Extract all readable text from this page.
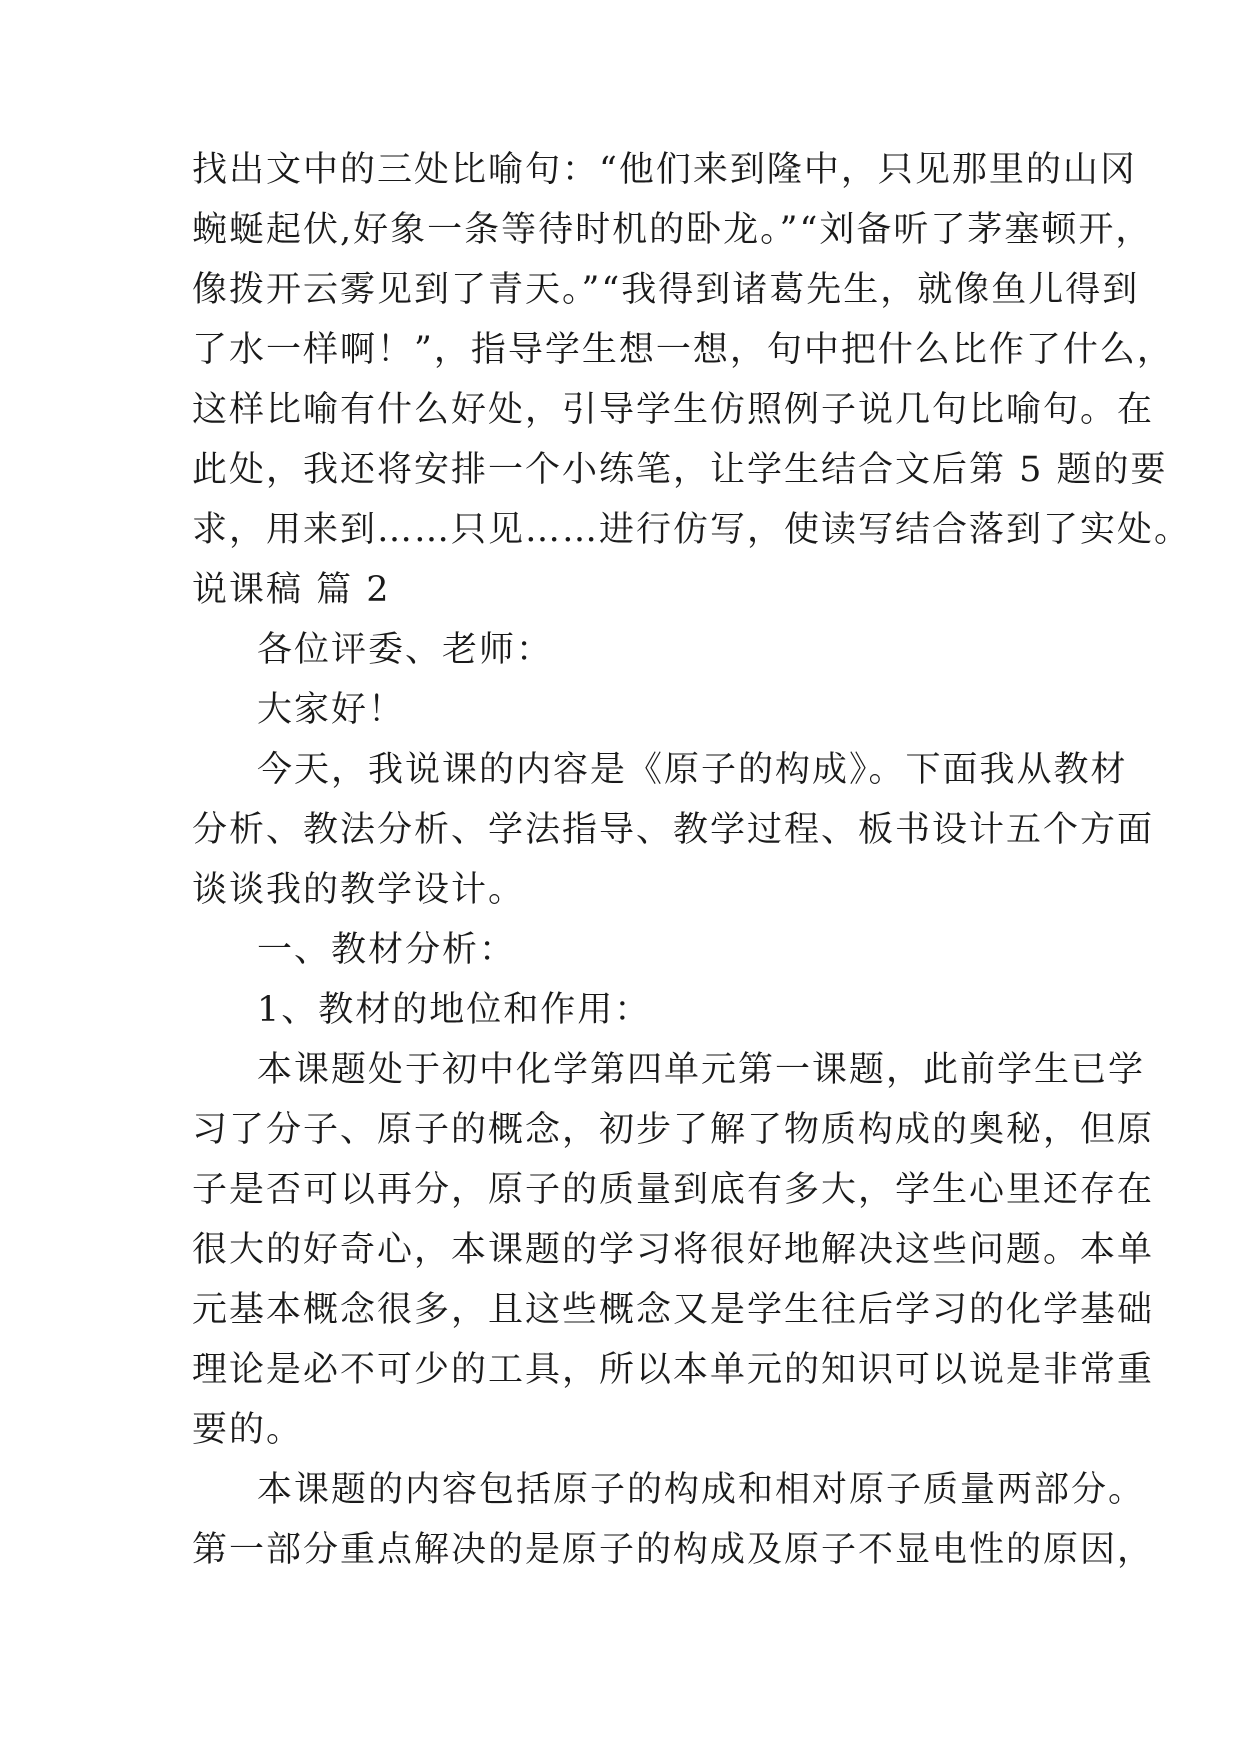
找出文中的三处比喻句：“他们来到隆中，只见那里的山冈
蜿蜒起伏,好象一条等待时机的卧龙。”“刘备听了茅塞顿开，
像拨开云雾见到了青天。”“我得到诸葛先生，就像鱼儿得到
了水一样啊！”，指导学生想一想，句中把什么比作了什么，
这样比喻有什么好处，引导学生仿照例子说几句比喻句。在
此处，我还将安排一个小练笔，让学生结合文后第 5 题的要
求，用来到……只见……进行仿写，使读写结合落到了实处。
说课稿 篇 2
各位评委、老师：
大家好！
今天，我说课的内容是《原子的构成》。下面我从教材
分析、教法分析、学法指导、教学过程、板书设计五个方面
谈谈我的教学设计。
一、教材分析：
1、教材的地位和作用：
本课题处于初中化学第四单元第一课题，此前学生已学
习了分子、原子的概念，初步了解了物质构成的奥秘，但原
子是否可以再分，原子的质量到底有多大，学生心里还存在
很大的好奇心，本课题的学习将很好地解决这些问题。本单
元基本概念很多，且这些概念又是学生往后学习的化学基础
理论是必不可少的工具，所以本单元的知识可以说是非常重
要的。
本课题的内容包括原子的构成和相对原子质量两部分。
第一部分重点解决的是原子的构成及原子不显电性的原因，
